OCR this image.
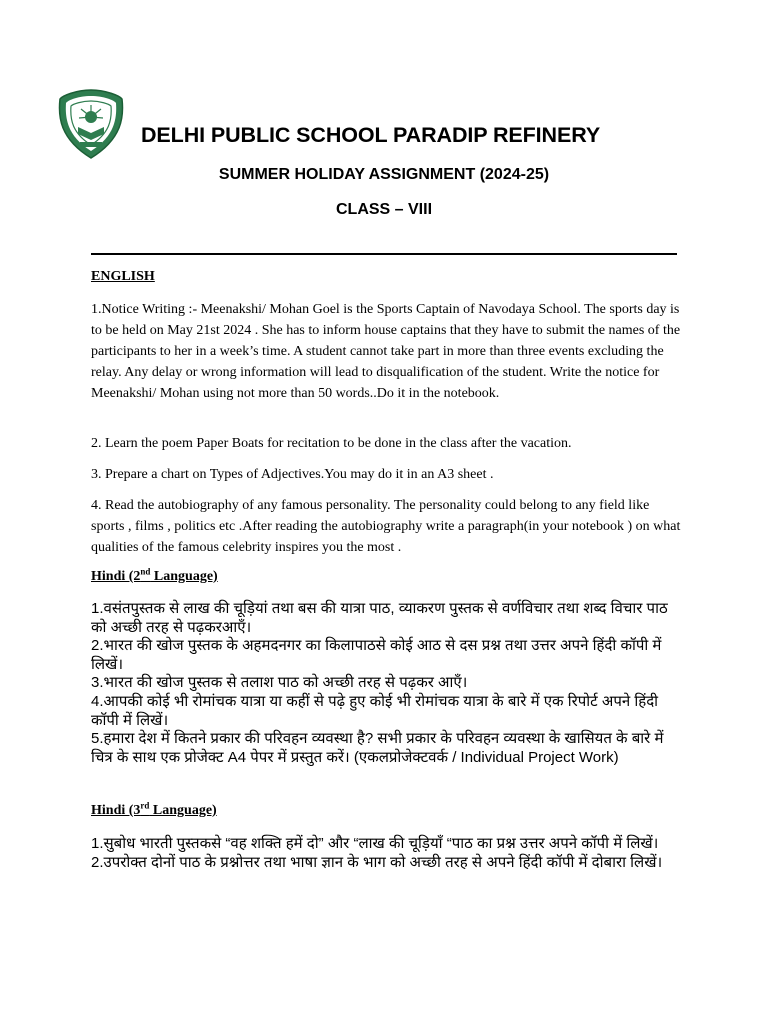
DELHI PUBLIC SCHOOL PARADIP REFINERY
SUMMER HOLIDAY ASSIGNMENT (2024-25)
CLASS – VIII
ENGLISH
1.Notice Writing :- Meenakshi/ Mohan Goel is the Sports Captain of Navodaya School. The sports day is to be held on May 21st 2024 . She has to inform house captains that they have to submit the names of the participants to her in a week’s time. A student cannot take part in more than three events excluding the relay. Any delay or wrong information will lead to disqualification of the student. Write the notice for Meenakshi/ Mohan using not more than 50 words..Do it in the notebook.
2. Learn the poem Paper Boats for recitation to be done in the class after the vacation.
3. Prepare a chart on Types of Adjectives.You may do it in an A3 sheet .
4. Read the autobiography of any famous personality. The personality could belong to any field like sports , films , politics etc .After reading the autobiography write a paragraph(in your notebook ) on what qualities of the famous celebrity inspires you the most .
Hindi (2nd Language)
1.वसंतपुस्तक से लाख की चूड़ियां तथा बस की यात्रा पाठ, व्याकरण पुस्तक से वर्णविचार तथा शब्द विचार पाठ को अच्छी तरह से पढ़करआएँ।
2.भारत की खोज पुस्तक के अहमदनगर का किलापाठसे कोई आठ से दस प्रश्न तथा उत्तर अपने हिंदी कॉपी में लिखें।
3.भारत की खोज पुस्तक से तलाश पाठ को अच्छी तरह से पढ़कर आएँ।
4.आपकी कोई भी रोमांचक यात्रा या कहीं से पढ़े हुए कोई भी रोमांचक यात्रा के बारे में एक रिपोर्ट अपने हिंदी कॉपी में लिखें।
5.हमारा देश में कितने प्रकार की परिवहन व्यवस्था है? सभी प्रकार के परिवहन व्यवस्था के खासियत के बारे में चित्र के साथ एक प्रोजेक्ट A4 पेपर में प्रस्तुत करें। (एकलप्रोजेक्टवर्क / Individual Project Work)
Hindi (3rd Language)
1.सुबोध भारती पुस्तकसे “वह शक्ति हमें दो” और “लाख की चूड़ियाँ “पाठ का प्रश्न उत्तर अपने कॉपी में लिखें।
2.उपरोक्त दोनों पाठ के प्रश्नोत्तर तथा भाषा ज्ञान के भाग को अच्छी तरह से अपने हिंदी कॉपी में दोबारा लिखें।
